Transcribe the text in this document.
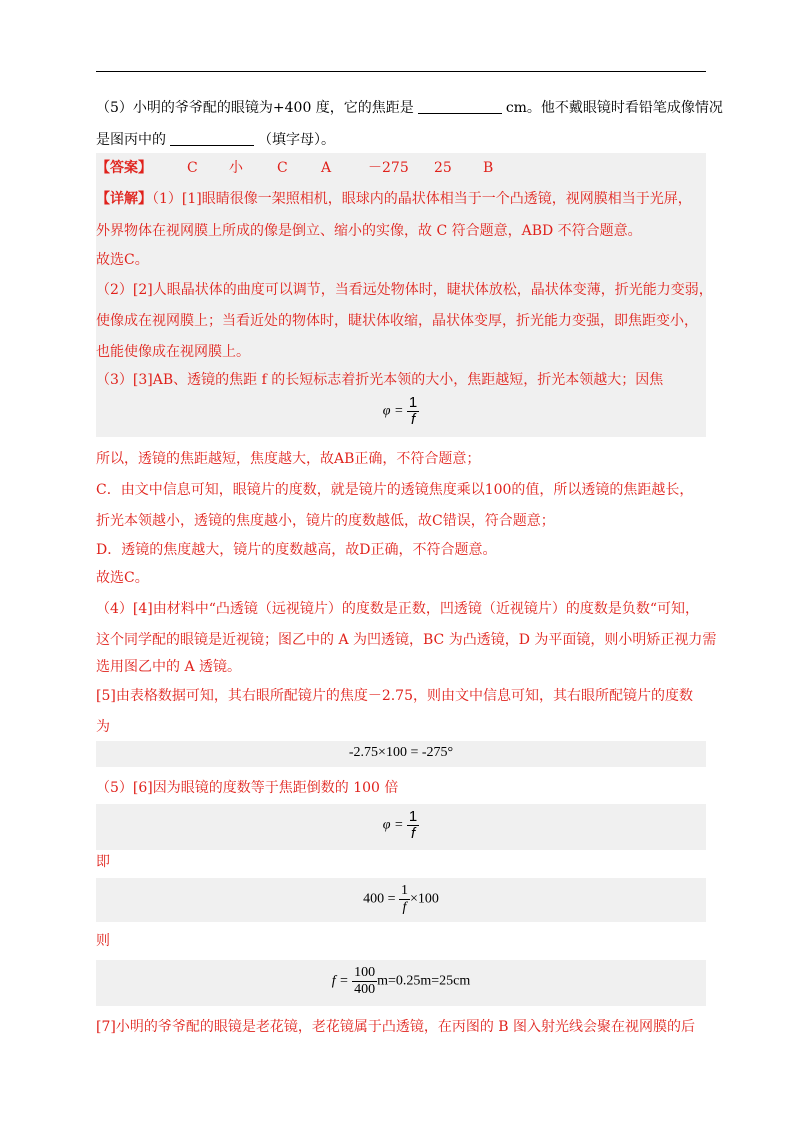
（5）小明的爷爷配的眼镜为+400 度，它的焦距是	cm。他不戴眼镜时看铅笔成像情况
是图丙中的	（填字母）。
【答案】	C 小 C A	－275 25 B
【详解】（1）[1]眼睛很像一架照相机，眼球内的晶状体相当于一个凸透镜，视网膜相当于光屏，
外界物体在视网膜上所成的像是倒立、缩小的实像，故 C 符合题意，ABD 不符合题意。
故选C。
（2）[2]人眼晶状体的曲度可以调节，当看远处物体时，睫状体放松，晶状体变薄，折光能力变弱，
使像成在视网膜上；当看近处的物体时，睫状体收缩，晶状体变厚，折光能力变强，即焦距变小，
也能使像成在视网膜上。
（3）[3]AB、透镜的焦距 f 的长短标志着折光本领的大小，焦距越短，折光本领越大；因焦
$\varphi = \frac{1}{f}$
所以，透镜的焦距越短，焦度越大，故AB正确，不符合题意；
C．由文中信息可知，眼镜片的度数，就是镜片的透镜焦度乘以100的值，所以透镜的焦距越长，
折光本领越小，透镜的焦度越小，镜片的度数越低，故C错误，符合题意；
D．透镜的焦度越大，镜片的度数越高，故D正确，不符合题意。
故选C。
（4）[4]由材料中“凸透镜（远视镜片）的度数是正数，凹透镜（近视镜片）的度数是负数“可知，
这个同学配的眼镜是近视镜；图乙中的 A 为凹透镜，BC 为凸透镜，D 为平面镜，则小明矫正视力需
选用图乙中的 A 透镜。
[5]由表格数据可知，其右眼所配镜片的焦度－2.75，则由文中信息可知，其右眼所配镜片的度数
为
-2.75×100 = -275°
（5）[6]因为眼镜的度数等于焦距倒数的 100 倍
$\varphi = \frac{1}{f}$
即
$400 = \frac{1}{f} \times 100$
则
$f = \frac{100}{400} m=0.25m=25cm$
[7]小明的爷爷配的眼镜是老花镜，老花镜属于凸透镜，在丙图的 B 图入射光线会聚在视网膜的后
